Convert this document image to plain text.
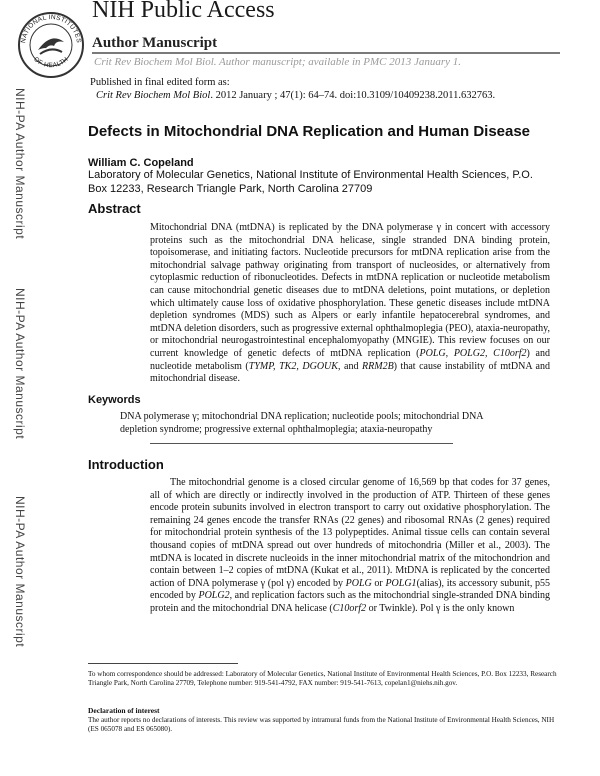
NATIONAL INSTITUTES
OF HEALTH
NIH Public Access
Author Manuscript
Crit Rev Biochem Mol Biol. Author manuscript; available in PMC 2013 January 1.
Published in final edited form as:
Crit Rev Biochem Mol Biol. 2012 January ; 47(1): 64–74. doi:10.3109/10409238.2011.632763.
NIH-PA Author Manuscript
NIH-PA Author Manuscript
NIH-PA Author Manuscript
Defects in Mitochondrial DNA Replication and Human Disease
William C. Copeland
Laboratory of Molecular Genetics, National Institute of Environmental Health Sciences, P.O. Box 12233, Research Triangle Park, North Carolina 27709
Abstract
Mitochondrial DNA (mtDNA) is replicated by the DNA polymerase γ in concert with accessory proteins such as the mitochondrial DNA helicase, single stranded DNA binding protein, topoisomerase, and initiating factors. Nucleotide precursors for mtDNA replication arise from the mitochondrial salvage pathway originating from transport of nucleosides, or alternatively from cytoplasmic reduction of ribonucleotides. Defects in mtDNA replication or nucleotide metabolism can cause mitochondrial genetic diseases due to mtDNA deletions, point mutations, or depletion which ultimately cause loss of oxidative phosphorylation. These genetic diseases include mtDNA depletion syndromes (MDS) such as Alpers or early infantile hepatocerebral syndromes, and mtDNA deletion disorders, such as progressive external ophthalmoplegia (PEO), ataxia-neuropathy, or mitochondrial neurogastrointestinal encephalomyopathy (MNGIE). This review focuses on our current knowledge of genetic defects of mtDNA replication (POLG, POLG2, C10orf2) and nucleotide metabolism (TYMP, TK2, DGOUK, and RRM2B) that cause instability of mtDNA and mitochondrial disease.
Keywords
DNA polymerase γ; mitochondrial DNA replication; nucleotide pools; mitochondrial DNA depletion syndrome; progressive external ophthalmoplegia; ataxia-neuropathy
Introduction
The mitochondrial genome is a closed circular genome of 16,569 bp that codes for 37 genes, all of which are directly or indirectly involved in the production of ATP. Thirteen of these genes encode protein subunits involved in electron transport to carry out oxidative phosphorylation. The remaining 24 genes encode the transfer RNAs (22 genes) and ribosomal RNAs (2 genes) required for mitochondrial protein synthesis of the 13 polypeptides. Animal tissue cells can contain several thousand copies of mtDNA spread out over hundreds of mitochondria (Miller et al., 2003). The mtDNA is located in discrete nucleoids in the inner mitochondrial matrix of the mitochondrion and contain between 1–2 copies of mtDNA (Kukat et al., 2011). MtDNA is replicated by the concerted action of DNA polymerase γ (pol γ) encoded by POLG or POLG1(alias), its accessory subunit, p55 encoded by POLG2, and replication factors such as the mitochondrial single-stranded DNA binding protein and the mitochondrial DNA helicase (C10orf2 or Twinkle). Pol γ is the only known
To whom correspondence should be addressed: Laboratory of Molecular Genetics, National Institute of Environmental Health Sciences, P.O. Box 12233, Research Triangle Park, North Carolina 27709, Telephone number: 919-541-4792, FAX number: 919-541-7613, copelan1@niehs.nih.gov.
Declaration of interest
The author reports no declarations of interests. This review was supported by intramural funds from the National Institute of Environmental Health Sciences, NIH (ES 065078 and ES 065080).
